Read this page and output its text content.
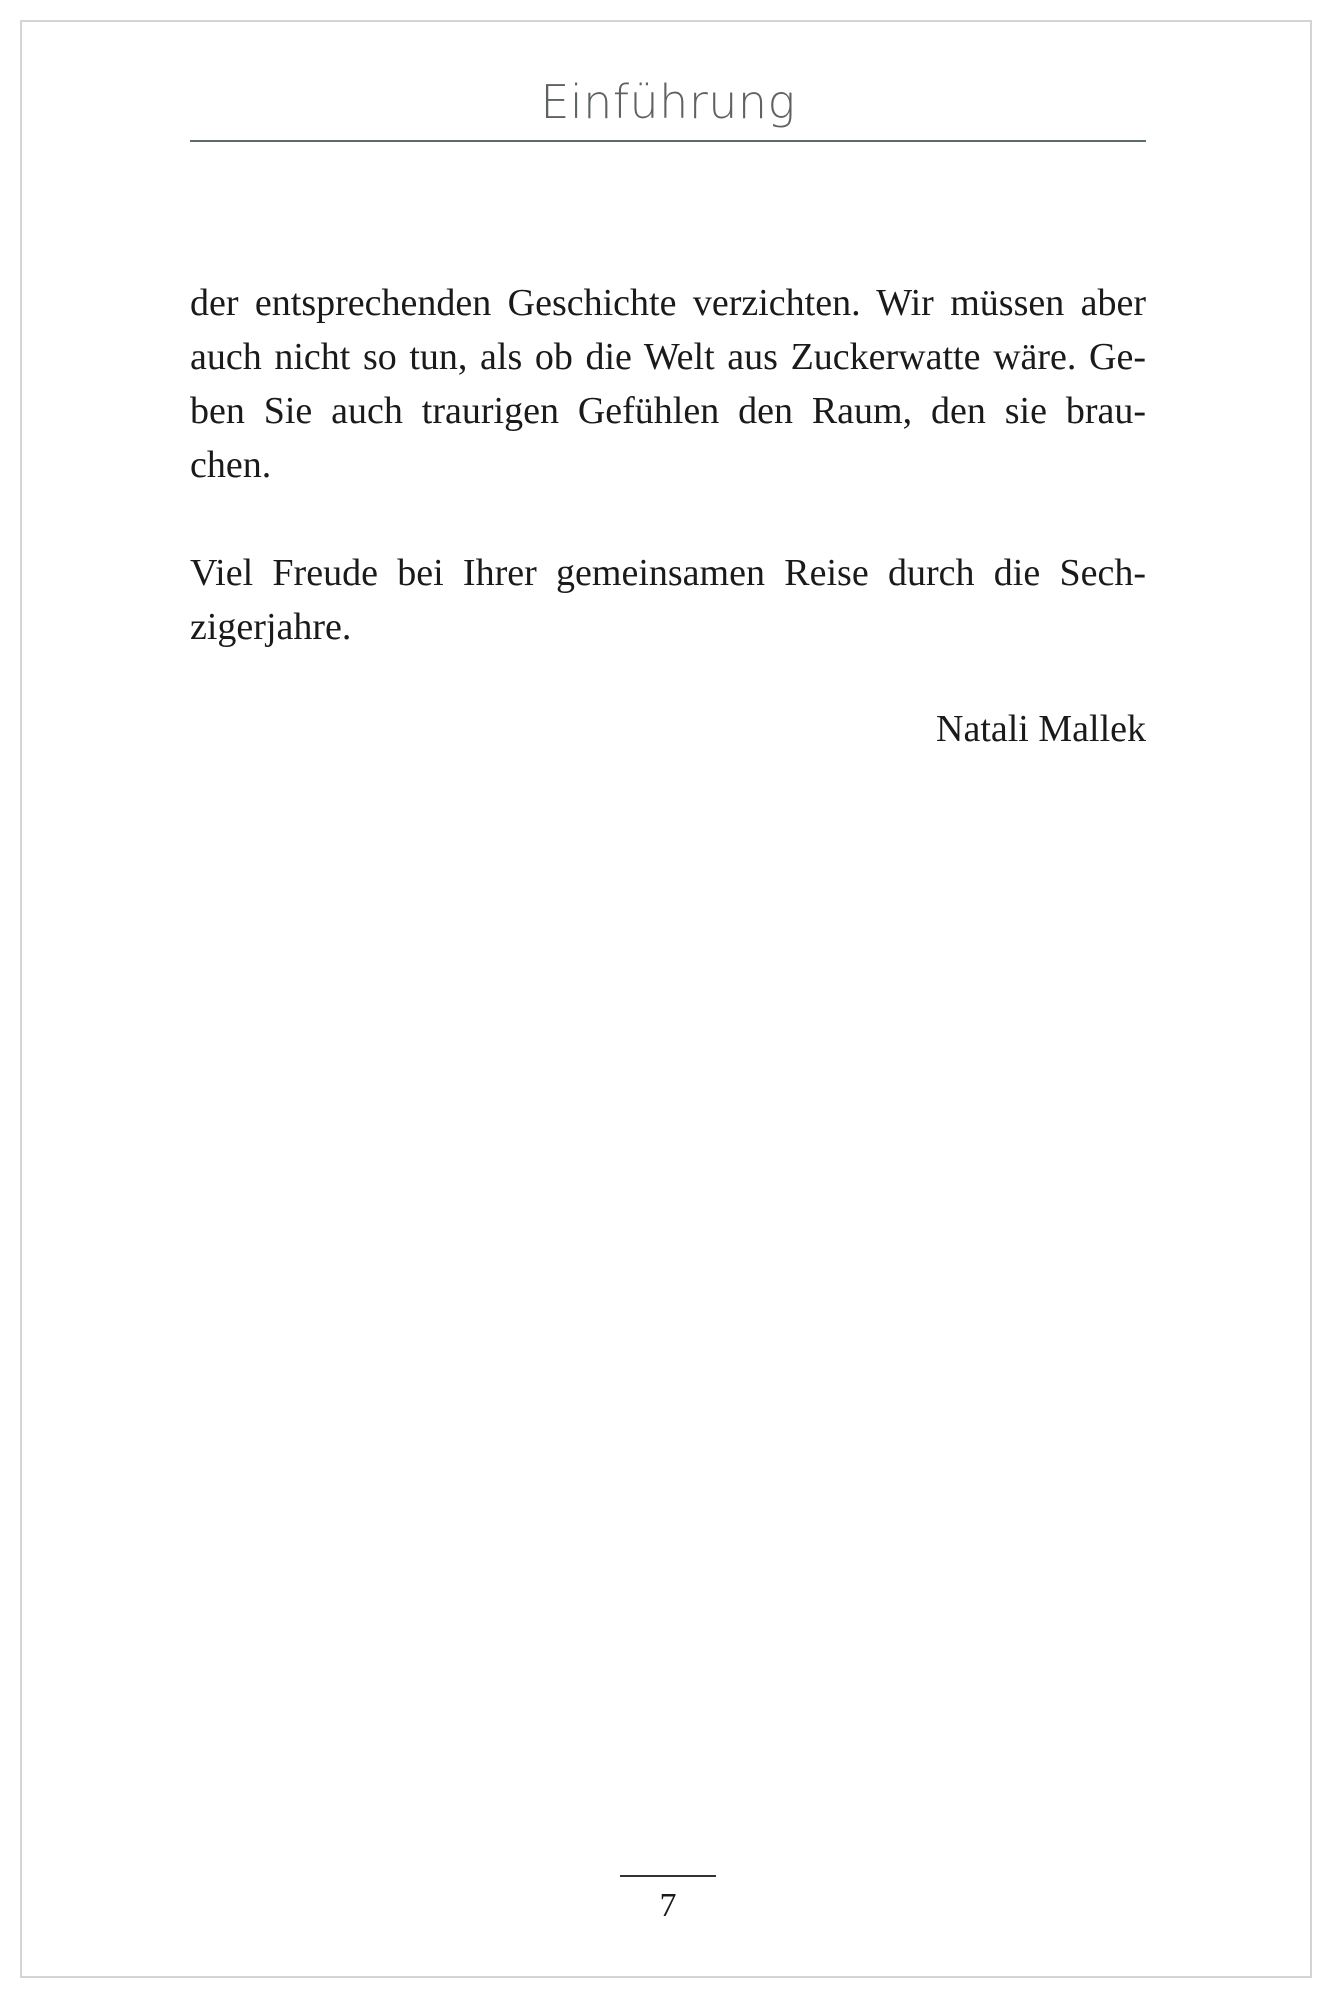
Einführung

der entsprechenden Geschichte verzichten. Wir müssen aber
auch nicht so tun, als ob die Welt aus Zuckerwatte wäre. Ge-
ben Sie auch traurigen Gefühlen den Raum, den sie brau-
chen.

Viel Freude bei Ihrer gemeinsamen Reise durch die Sech-
zigerjahre.

Natali Mallek
7
